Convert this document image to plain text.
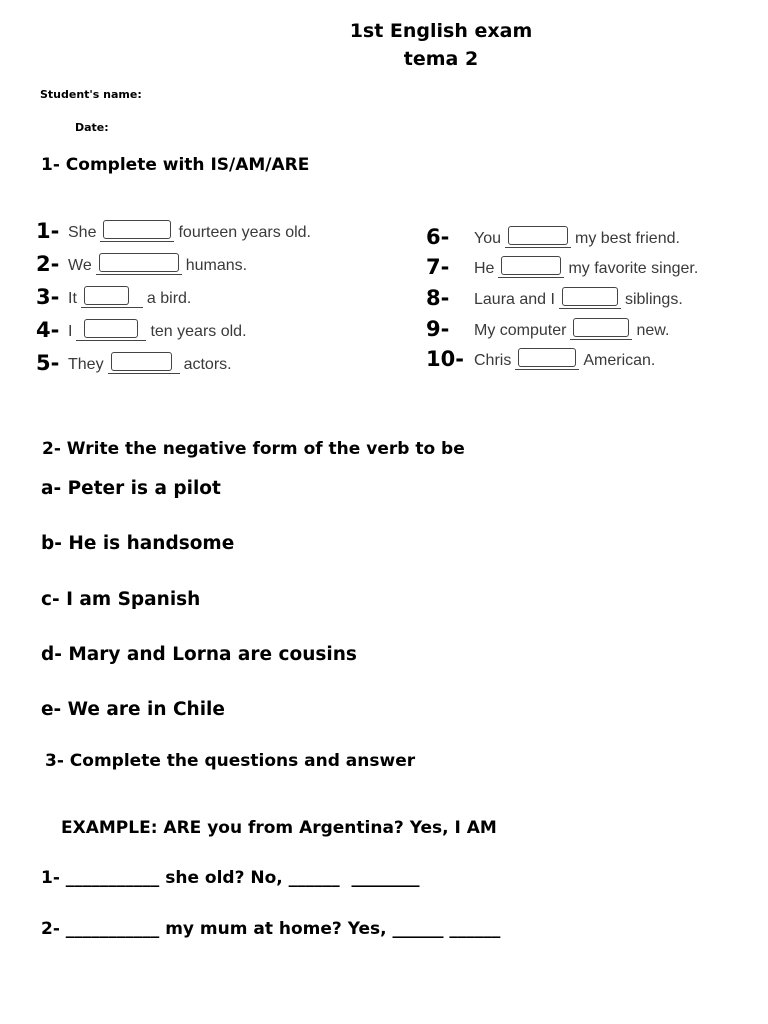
1st English exam
tema 2
Student's name:
Date:
1- Complete with IS/AM/ARE
1- She	fourteen years old.
2- We	humans.
3- It	a bird.
4- I	ten years old.
5- They	actors.
6-	You	my best friend.
7-	He	my favorite singer.
8-	Laura and I	siblings.
9-	My computer	new.
10- Chris	American.
2- Write the negative form of the verb to be
a- Peter is a pilot
b- He is handsome
c- I am Spanish
d- Mary and Lorna are cousins
e- We are in Chile
3- Complete the questions and answer
EXAMPLE: ARE you from Argentina? Yes, I AM
1- ___________ she old? No, ______  ________
2- ___________ my mum at home? Yes, ______ ______
